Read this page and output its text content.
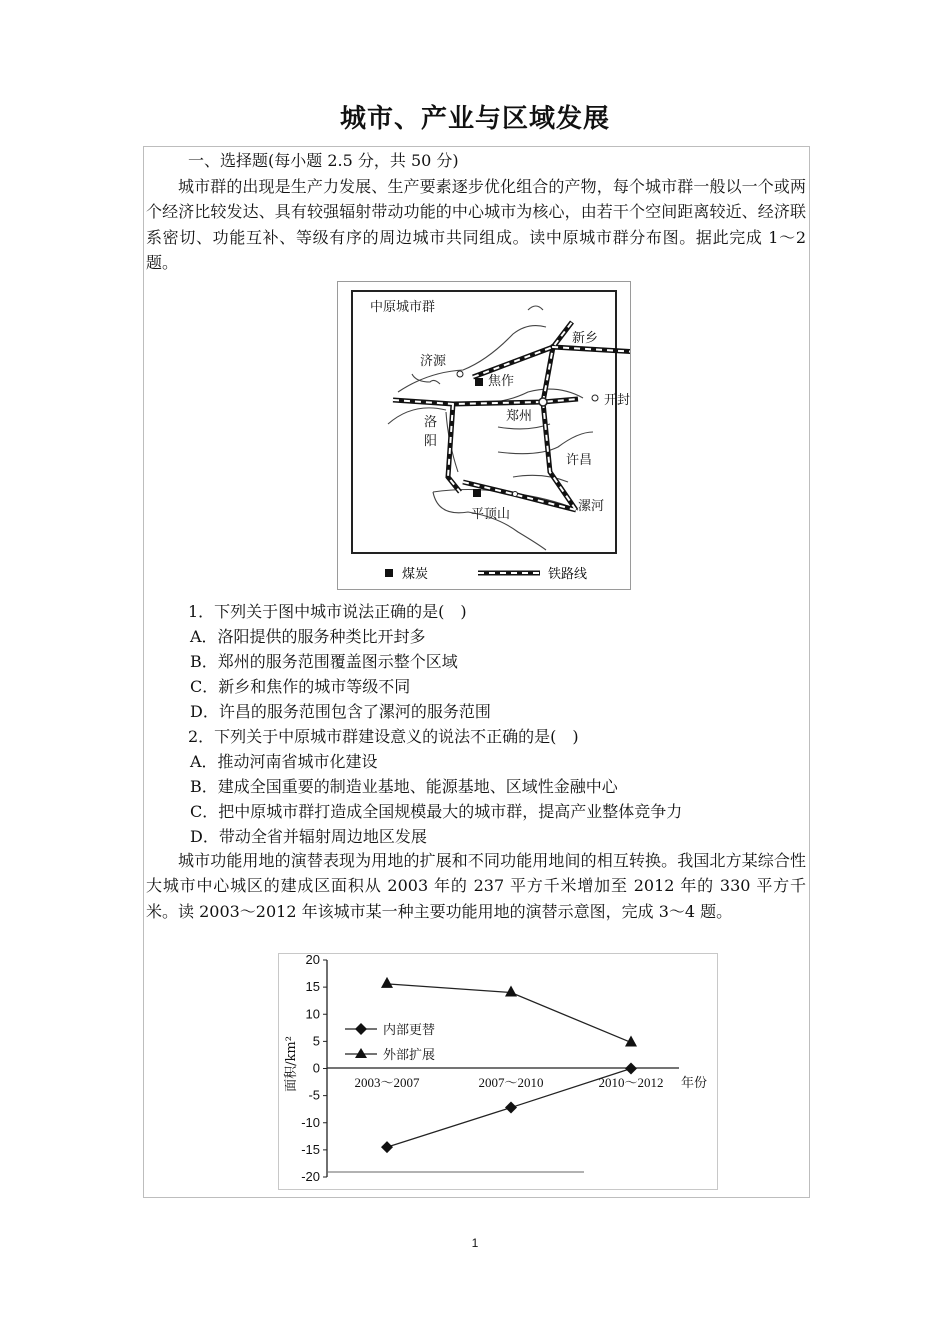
城市、产业与区域发展
一、选择题(每小题 2.5 分，共 50 分)
城市群的出现是生产力发展、生产要素逐步优化组合的产物，每个城市群一般以一个或两个经济比较发达、具有较强辐射带动功能的中心城市为核心，由若干个空间距离较近、经济联系密切、功能互补、等级有序的周边城市共同组成。读中原城市群分布图。据此完成 1～2 题。
中原城市群
济源
焦作
新乡
郑州
开封
洛
阳
许昌
平顶山
漯河
煤炭	铁路线
1．下列关于图中城市说法正确的是(　)
A．洛阳提供的服务种类比开封多
B．郑州的服务范围覆盖图示整个区域
C．新乡和焦作的城市等级不同
D．许昌的服务范围包含了漯河的服务范围
2．下列关于中原城市群建设意义的说法不正确的是(　)
A．推动河南省城市化建设
B．建成全国重要的制造业基地、能源基地、区域性金融中心
C．把中原城市群打造成全国规模最大的城市群，提高产业整体竞争力
D．带动全省并辐射周边地区发展
城市功能用地的演替表现为用地的扩展和不同功能用地间的相互转换。我国北方某综合性大城市中心城区的建成区面积从 2003 年的 237 平方千米增加至 2012 年的 330 平方千米。读 2003～2012 年该城市某一种主要功能用地的演替示意图，完成 3～4 题。
面积/km²	年份
20
15
10
5
0
-5
-10
-15
-20
2003～2007	2007～2010	2010～2012
内部更替
外部扩展
1
